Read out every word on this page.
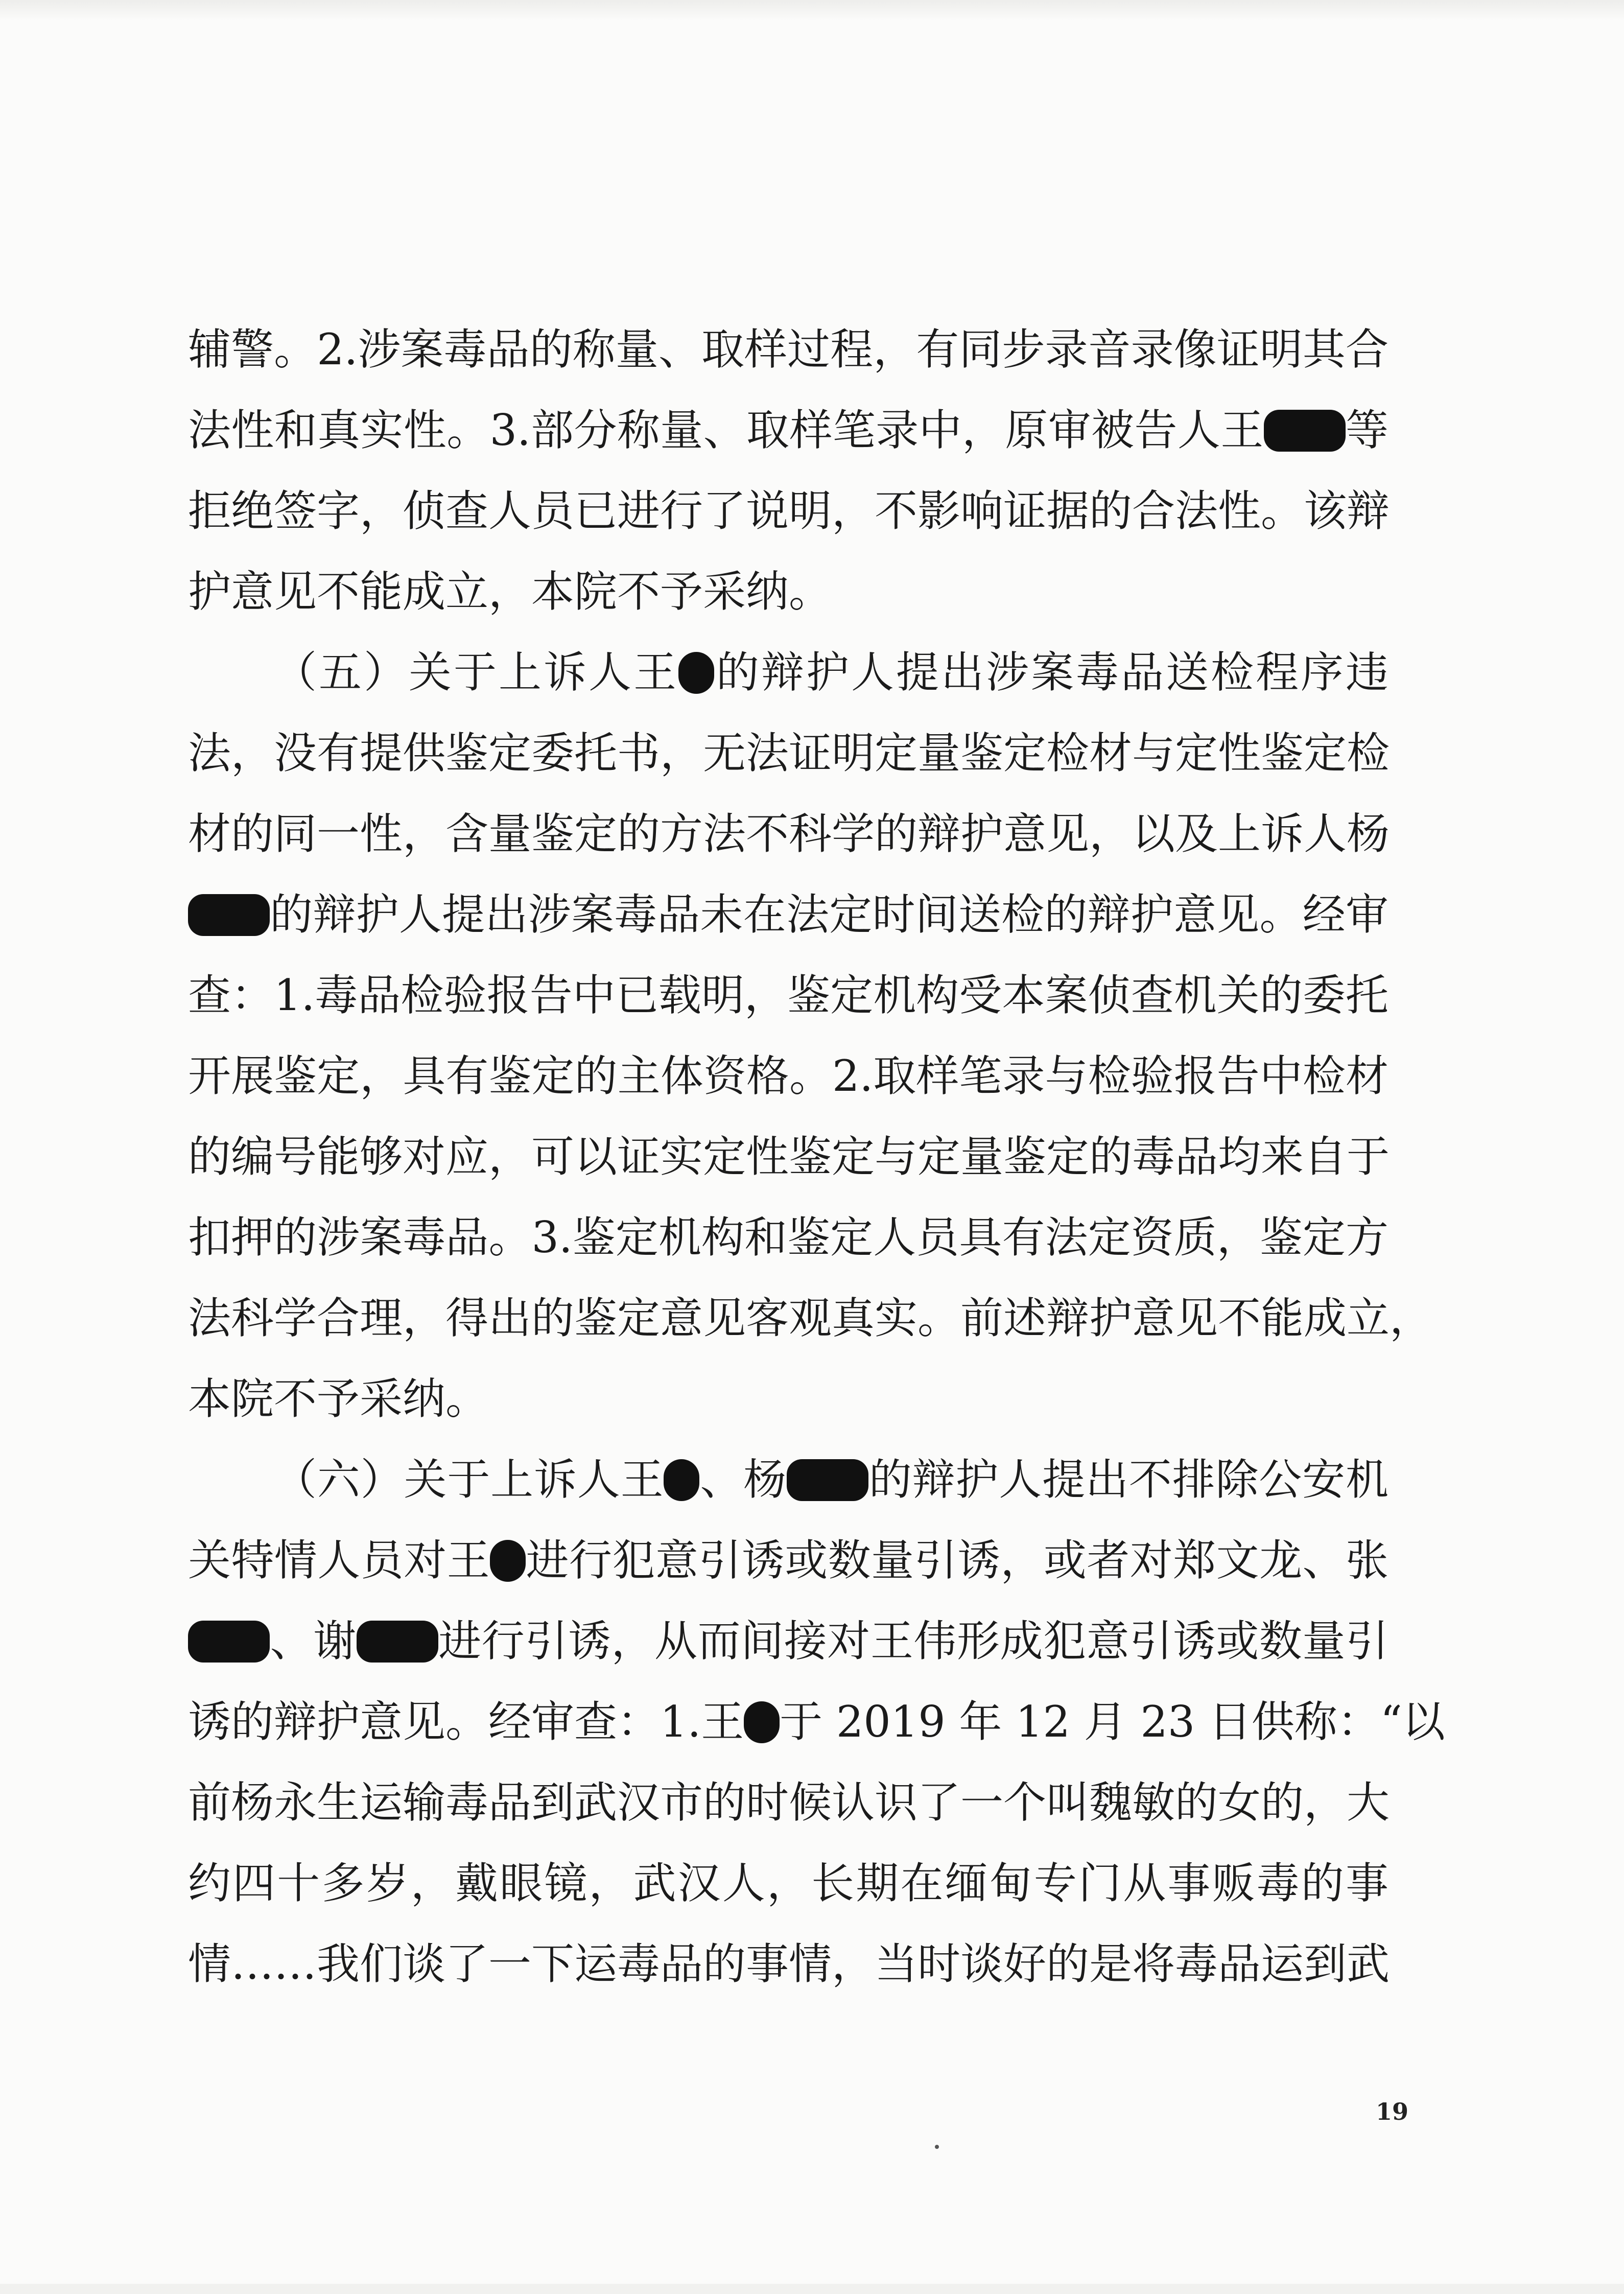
辅警。2.涉案毒品的称量、取样过程，有同步录音录像证明其合
法性和真实性。3.部分称量、取样笔录中，原审被告人王 等
拒绝签字，侦查人员已进行了说明，不影响证据的合法性。该辩
护意见不能成立，本院不予采纳。
（五）关于上诉人王 的辩护人提出涉案毒品送检程序违
法，没有提供鉴定委托书，无法证明定量鉴定检材与定性鉴定检
材的同一性，含量鉴定的方法不科学的辩护意见，以及上诉人杨
的辩护人提出涉案毒品未在法定时间送检的辩护意见。经审
查：1.毒品检验报告中已载明，鉴定机构受本案侦查机关的委托
开展鉴定，具有鉴定的主体资格。2.取样笔录与检验报告中检材
的编号能够对应，可以证实定性鉴定与定量鉴定的毒品均来自于
扣押的涉案毒品。3.鉴定机构和鉴定人员具有法定资质，鉴定方
法科学合理，得出的鉴定意见客观真实。前述辩护意见不能成立，
本院不予采纳。
（六）关于上诉人王 、杨 的辩护人提出不排除公安机
关特情人员对王 进行犯意引诱或数量引诱，或者对郑文龙、张
、谢 进行引诱，从而间接对王伟形成犯意引诱或数量引
诱的辩护意见。经审查：1.王 于 2019 年 12 月 23 日供称：“以
前杨永生运输毒品到武汉市的时候认识了一个叫魏敏的女的，大
约四十多岁，戴眼镜，武汉人，长期在缅甸专门从事贩毒的事
情……我们谈了一下运毒品的事情，当时谈好的是将毒品运到武
19
